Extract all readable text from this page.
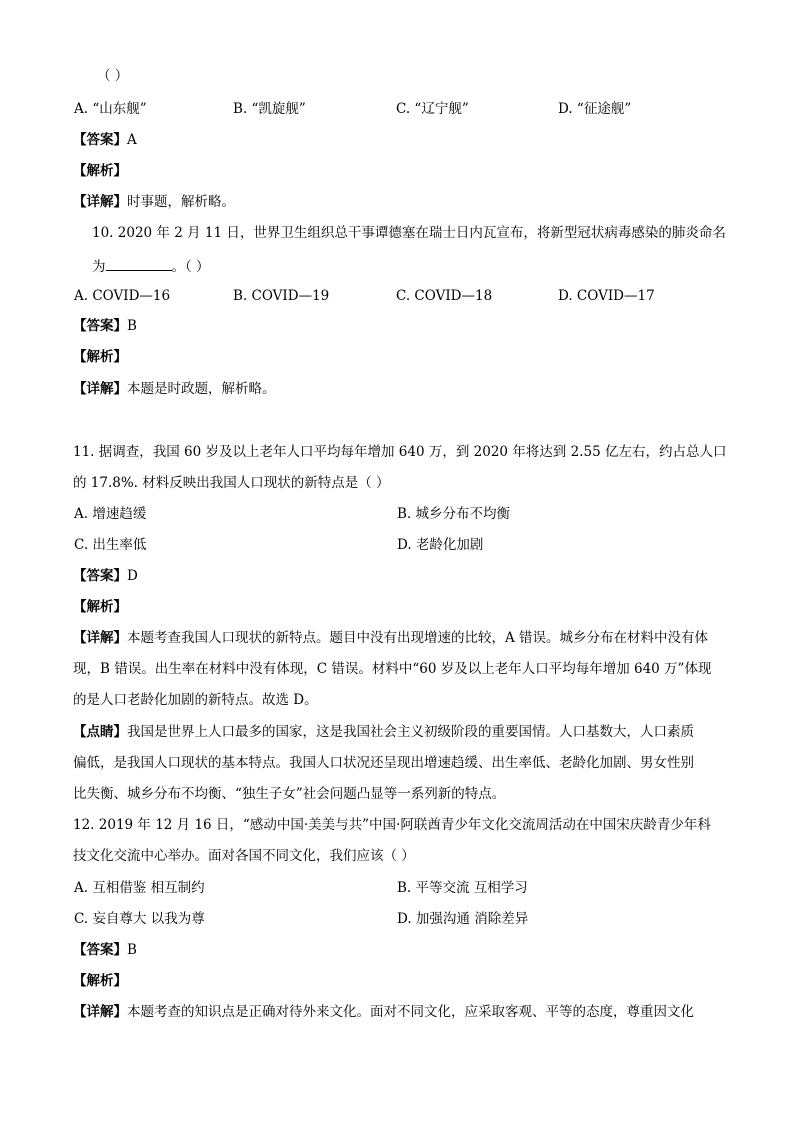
（ ）
A. “山东舰”	B. “凯旋舰”	C. “辽宁舰”	D. “征途舰”
【答案】A
【解析】
【详解】时事题，解析略。
10. 2020 年 2 月 11 日，世界卫生组织总干事谭德塞在瑞士日内瓦宣布，将新型冠状病毒感染的肺炎命名
为	。（ ）
A. COVID—16	B. COVID—19	C. COVID—18	D. COVID—17
【答案】B
【解析】
【详解】本题是时政题，解析略。
11. 据调查，我国 60 岁及以上老年人口平均每年增加 640 万，到 2020 年将达到 2.55 亿左右，约占总人口
的 17.8%. 材料反映出我国人口现状的新特点是（ ）
A. 增速趋缓	B. 城乡分布不均衡
C. 出生率低	D. 老龄化加剧
【答案】D
【解析】
【详解】本题考查我国人口现状的新特点。题目中没有出现增速的比较，A 错误。城乡分布在材料中没有体
现，B 错误。出生率在材料中没有体现，C 错误。材料中“60 岁及以上老年人口平均每年增加 640 万”体现
的是人口老龄化加剧的新特点。故选 D。
【点睛】我国是世界上人口最多的国家，这是我国社会主义初级阶段的重要国情。人口基数大，人口素质
偏低，是我国人口现状的基本特点。我国人口状况还呈现出增速趋缓、出生率低、老龄化加剧、男女性别
比失衡、城乡分布不均衡、“独生子女”社会问题凸显等一系列新的特点。
12. 2019 年 12 月 16 日，“感动中国·美美与共”中国·阿联酋青少年文化交流周活动在中国宋庆龄青少年科
技文化交流中心举办。面对各国不同文化，我们应该（ ）
A. 互相借鉴 相互制约	B. 平等交流 互相学习
C. 妄自尊大 以我为尊	D. 加强沟通 消除差异
【答案】B
【解析】
【详解】本题考查的知识点是正确对待外来文化。面对不同文化，应采取客观、平等的态度，尊重因文化
